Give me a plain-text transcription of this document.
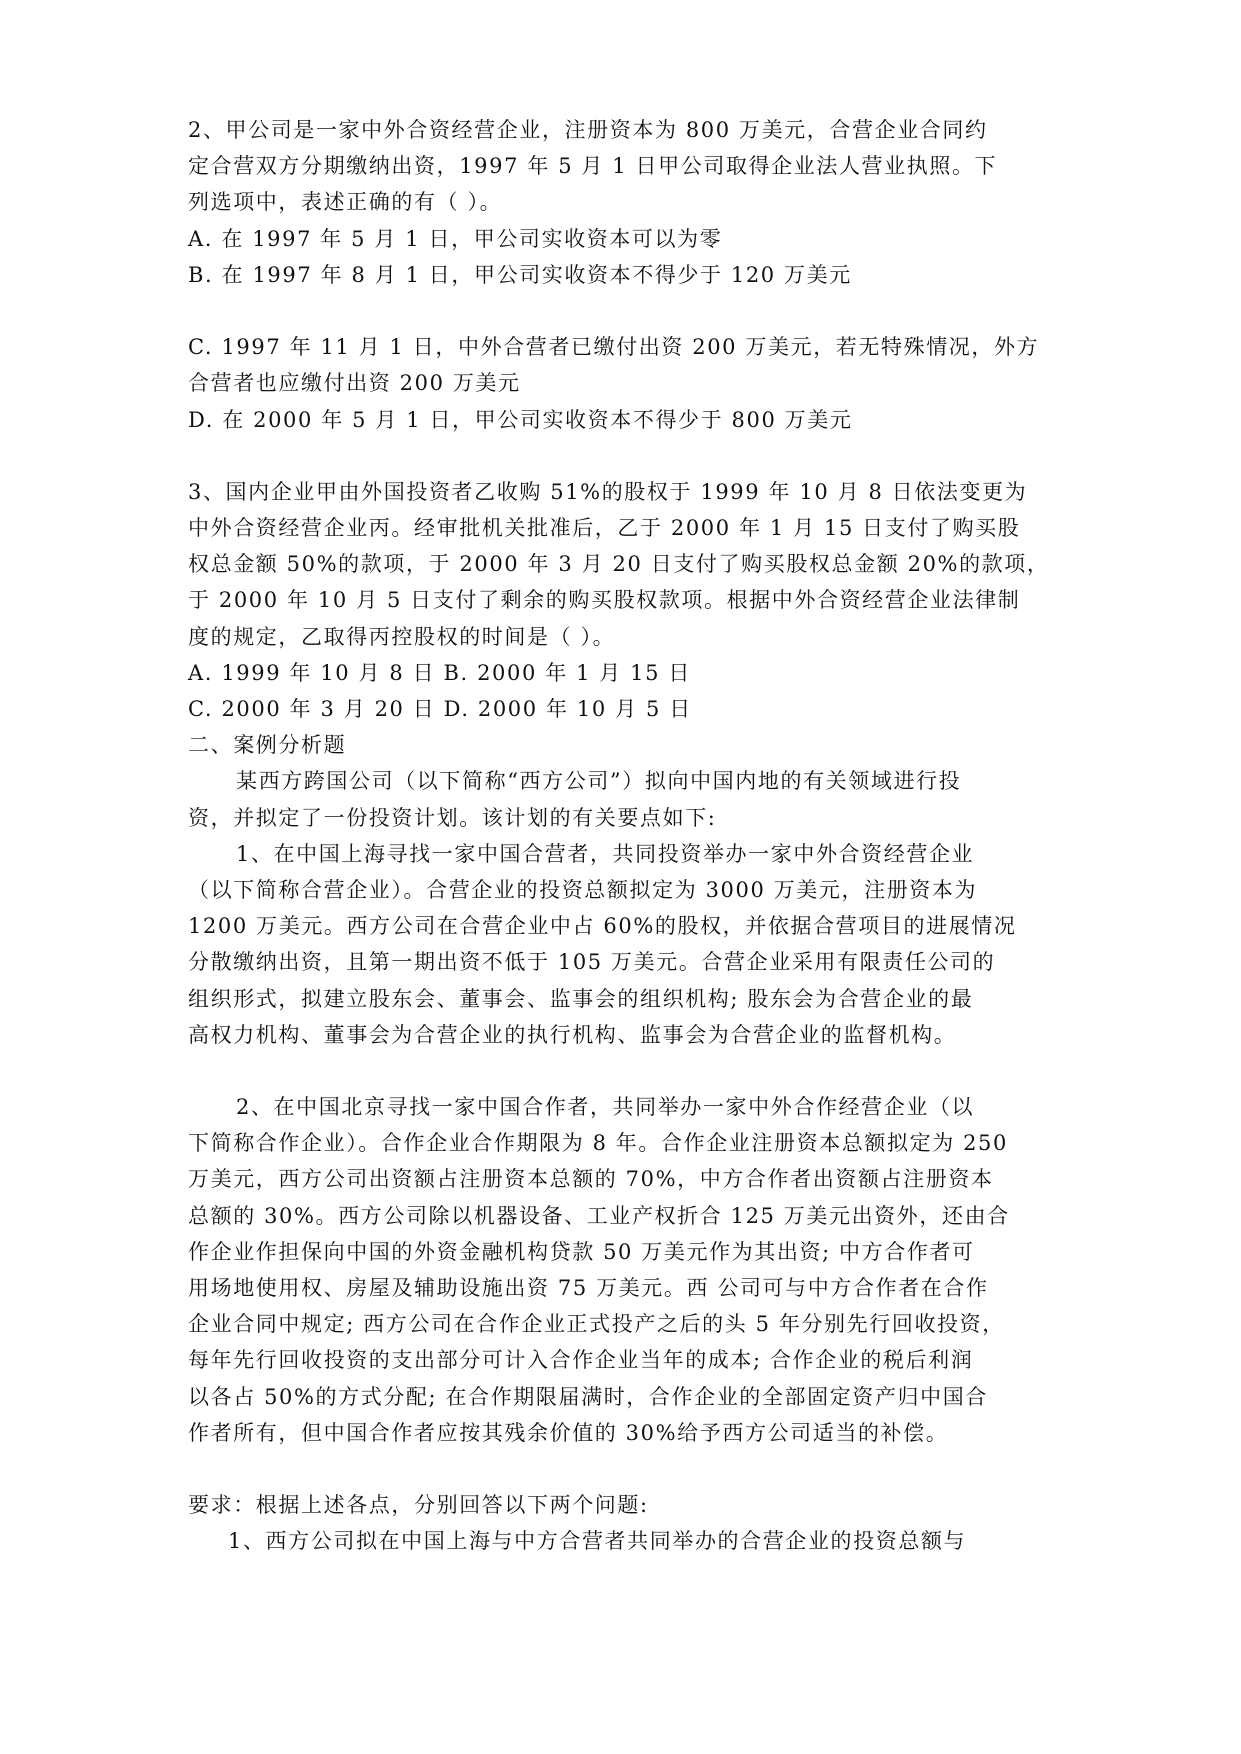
2、甲公司是一家中外合资经营企业，注册资本为 800 万美元，合营企业合同约
定合营双方分期缴纳出资，1997 年 5 月 1 日甲公司取得企业法人营业执照。下
列选项中，表述正确的有（ ）。
A. 在 1997 年 5 月 1 日，甲公司实收资本可以为零
B. 在 1997 年 8 月 1 日，甲公司实收资本不得少于 120 万美元
C. 1997 年 11 月 1 日，中外合营者已缴付出资 200 万美元，若无特殊情况，外方
合营者也应缴付出资 200 万美元
D. 在 2000 年 5 月 1 日，甲公司实收资本不得少于 800 万美元
3、国内企业甲由外国投资者乙收购 51%的股权于 1999 年 10 月 8 日依法变更为
中外合资经营企业丙。经审批机关批准后，乙于 2000 年 1 月 15 日支付了购买股
权总金额 50%的款项，于 2000 年 3 月 20 日支付了购买股权总金额 20%的款项，
于 2000 年 10 月 5 日支付了剩余的购买股权款项。根据中外合资经营企业法律制
度的规定，乙取得丙控股权的时间是（ ）。
A. 1999 年 10 月 8 日 B. 2000 年 1 月 15 日
C. 2000 年 3 月 20 日 D. 2000 年 10 月 5 日
二、案例分析题
某西方跨国公司（以下简称“西方公司”）拟向中国内地的有关领域进行投
资，并拟定了一份投资计划。该计划的有关要点如下:
1、在中国上海寻找一家中国合营者，共同投资举办一家中外合资经营企业
（以下简称合营企业）。合营企业的投资总额拟定为 3000 万美元，注册资本为
1200 万美元。西方公司在合营企业中占 60%的股权，并依据合营项目的进展情况
分散缴纳出资，且第一期出资不低于 105 万美元。合营企业采用有限责任公司的
组织形式，拟建立股东会、董事会、监事会的组织机构; 股东会为合营企业的最
高权力机构、董事会为合营企业的执行机构、监事会为合营企业的监督机构。
2、在中国北京寻找一家中国合作者，共同举办一家中外合作经营企业（以
下简称合作企业）。合作企业合作期限为 8 年。合作企业注册资本总额拟定为 250
万美元，西方公司出资额占注册资本总额的 70%，中方合作者出资额占注册资本
总额的 30%。西方公司除以机器设备、工业产权折合 125 万美元出资外，还由合
作企业作担保向中国的外资金融机构贷款 50 万美元作为其出资; 中方合作者可
用场地使用权、房屋及辅助设施出资 75 万美元。西 公司可与中方合作者在合作
企业合同中规定; 西方公司在合作企业正式投产之后的头 5 年分别先行回收投资，
每年先行回收投资的支出部分可计入合作企业当年的成本; 合作企业的税后利润
以各占 50%的方式分配; 在合作期限届满时，合作企业的全部固定资产归中国合
作者所有，但中国合作者应按其残余价值的 30%给予西方公司适当的补偿。
要求：根据上述各点，分别回答以下两个问题:
1、西方公司拟在中国上海与中方合营者共同举办的合营企业的投资总额与
